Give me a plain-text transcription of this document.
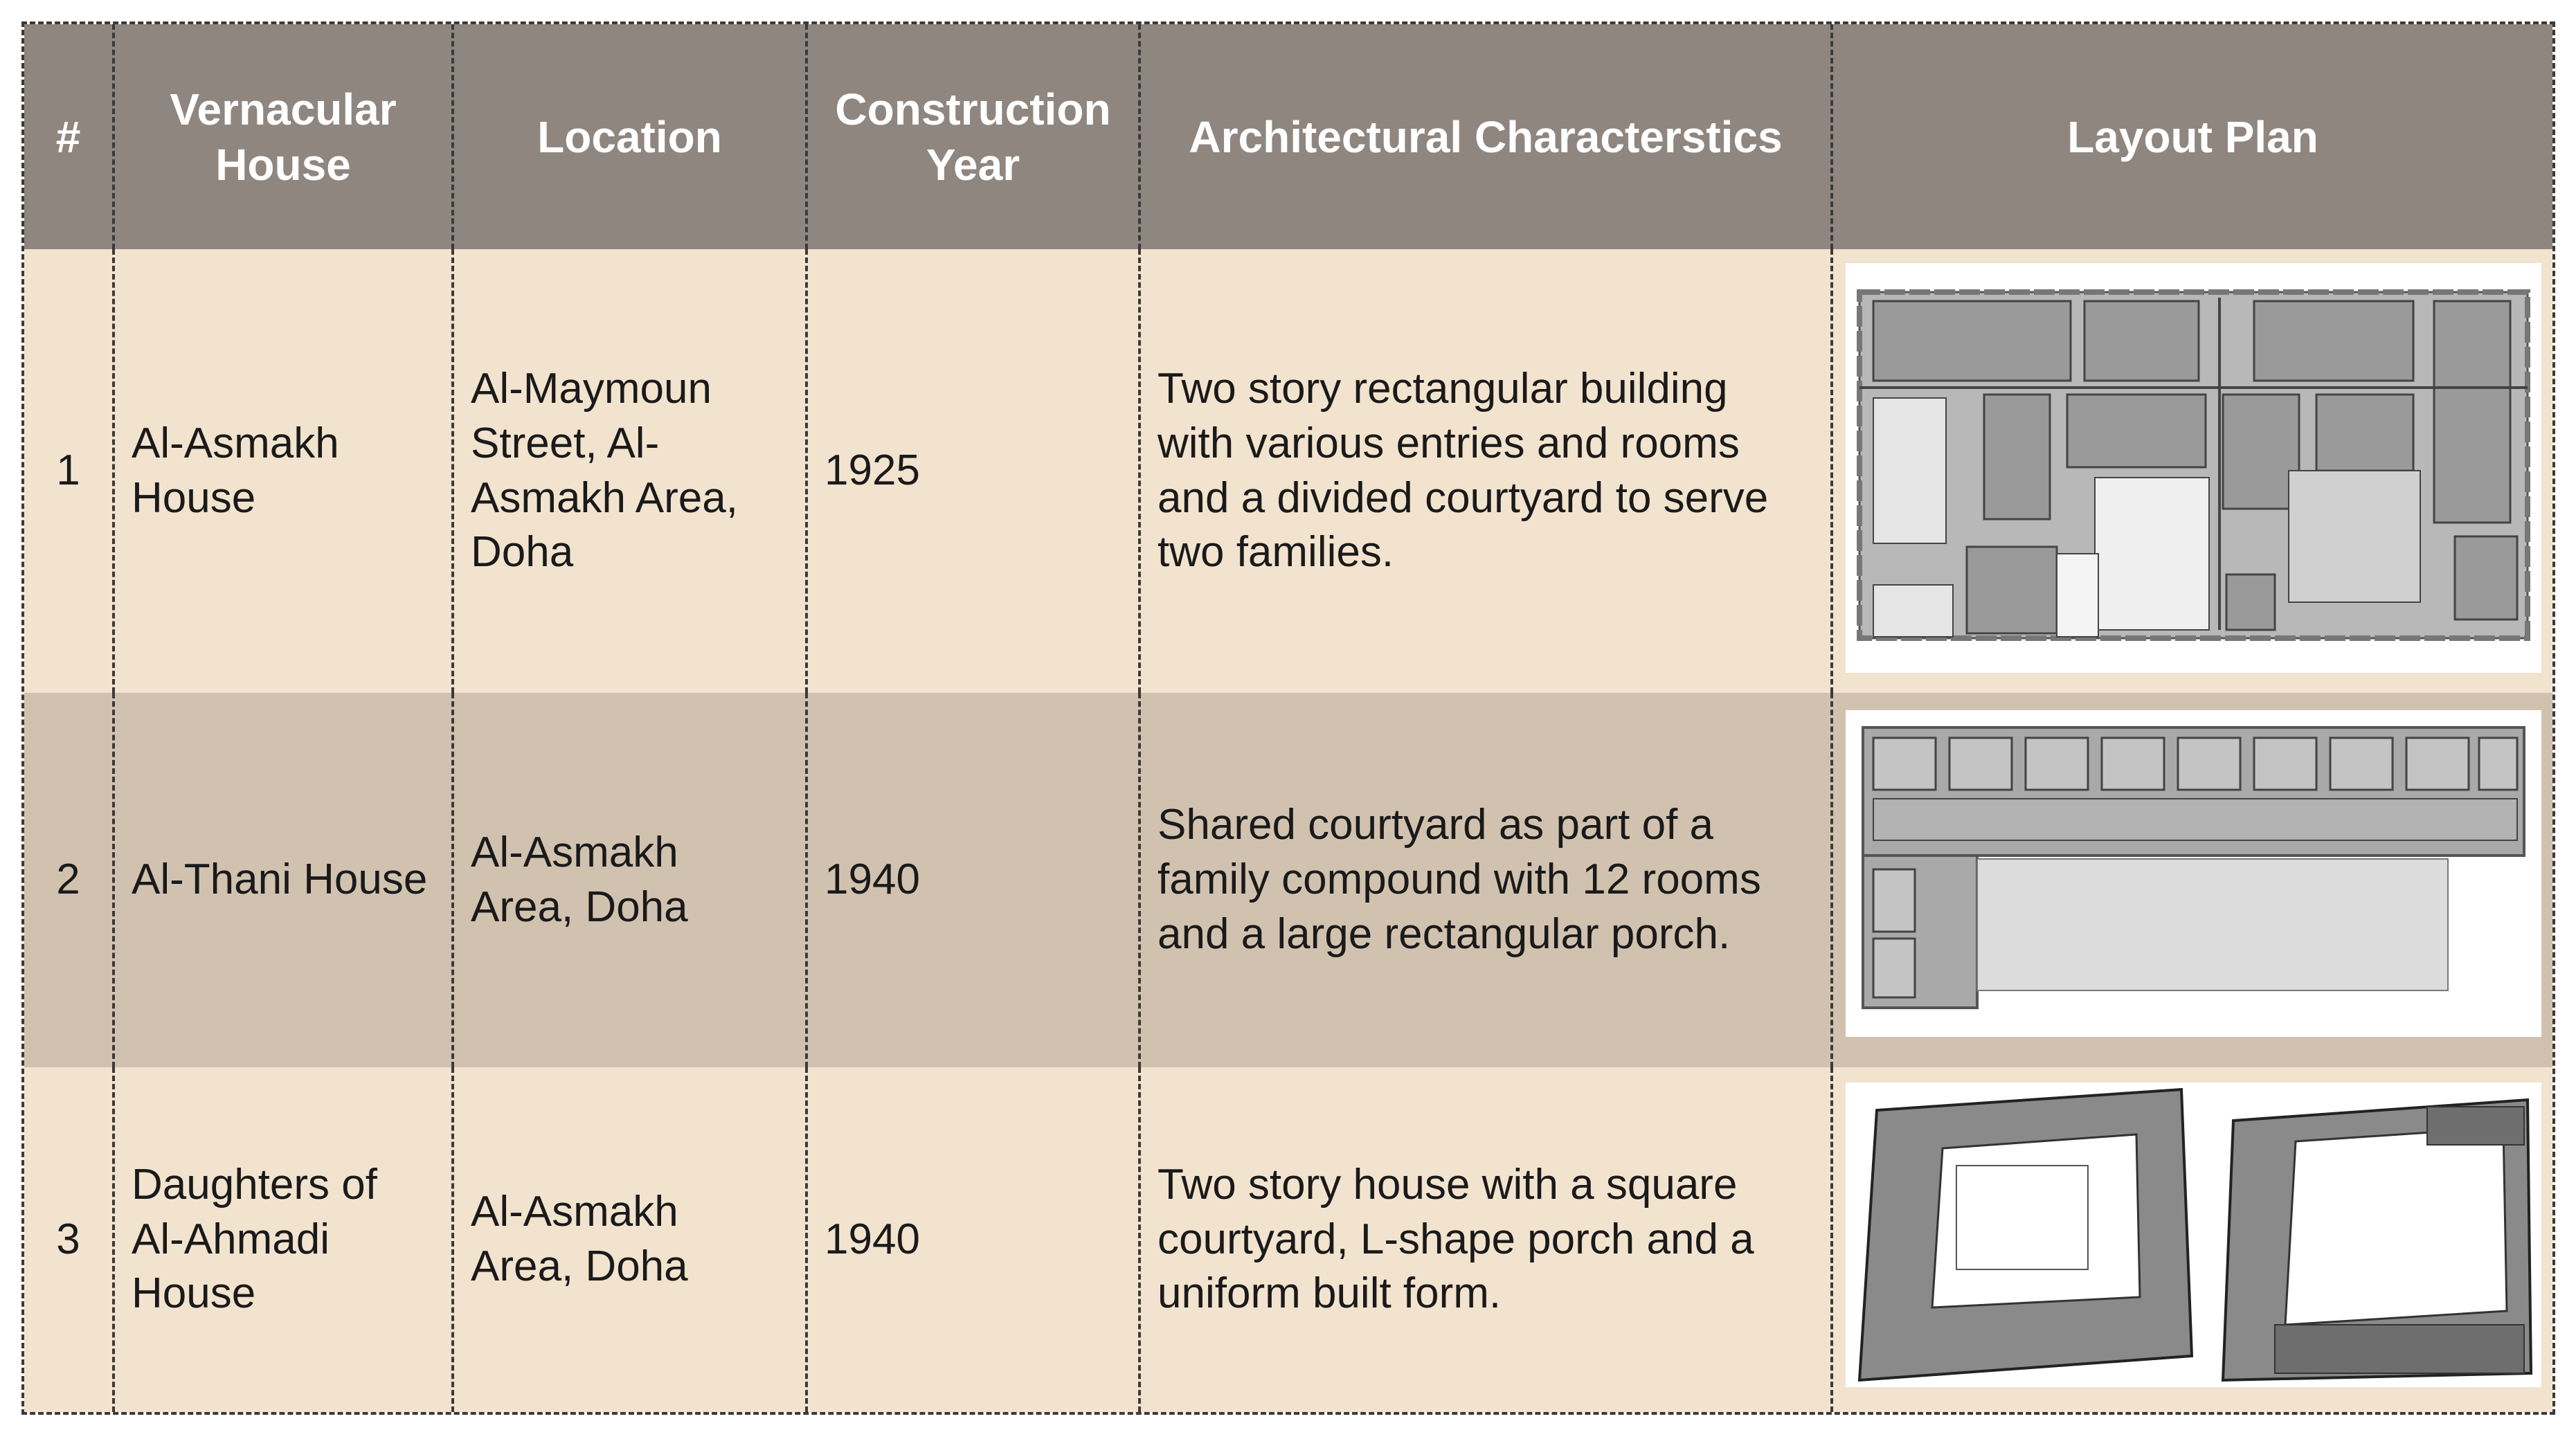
#
Vernacular House
Location
Construction Year
Architectural Characterstics	Layout Plan
1
Al-Asmakh House
Al-Maymoun Street, Al-Asmakh Area, Doha
1925
Two story rectangular building with various entries and rooms and a divided courtyard to serve two families.
2	Al-Thani House
Al-Asmakh Area, Doha
1940
Shared courtyard as part of a family compound with 12 rooms and a large rectangular porch.
3
Daughters of Al-Ahmadi House
Al-Asmakh Area, Doha
1940
Two story house with a square courtyard, L-shape porch and a uniform built form.
